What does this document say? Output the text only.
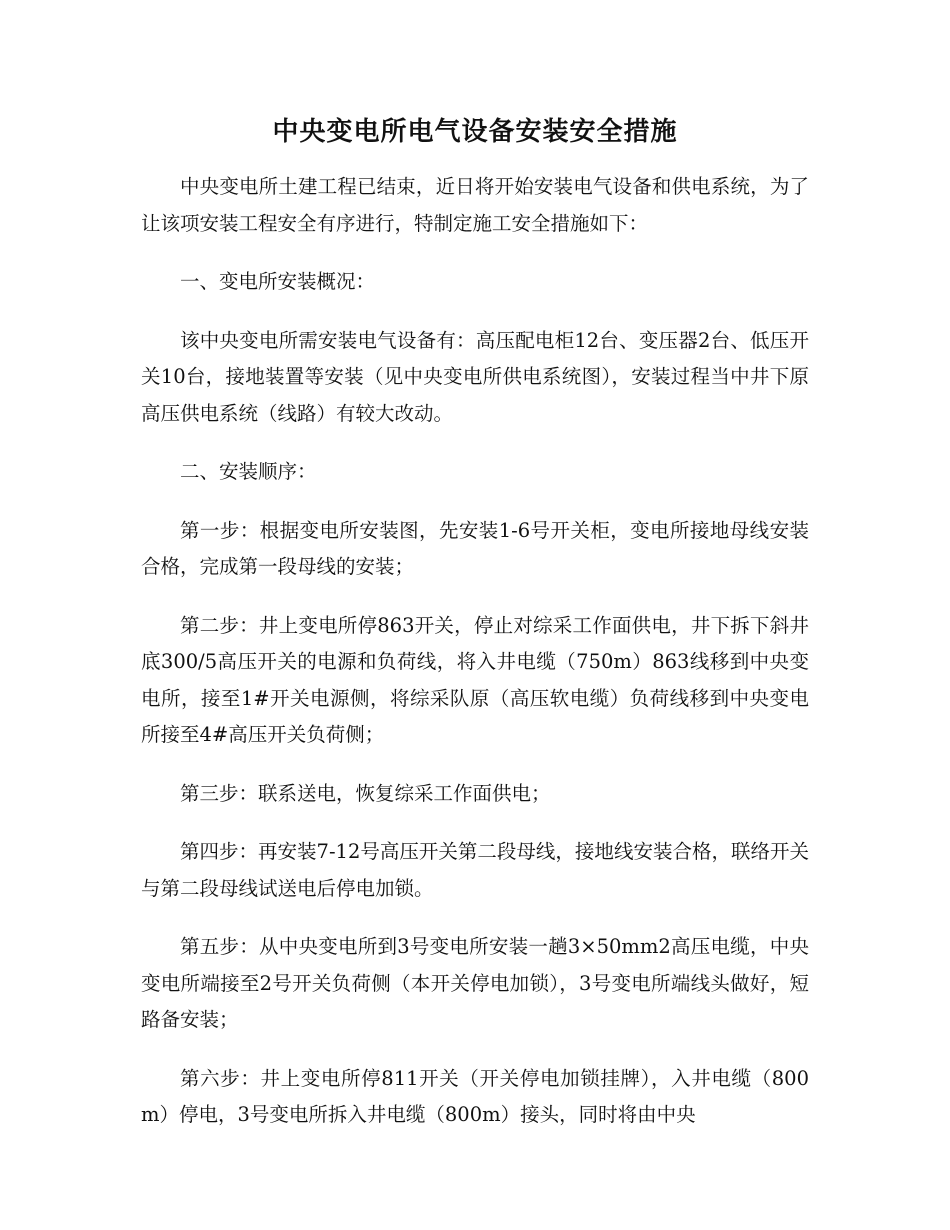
中央变电所电气设备安装安全措施

中央变电所土建工程已结束，近日将开始安装电气设备和供电系统，为了让该项安装工程安全有序进行，特制定施工安全措施如下：

一、变电所安装概况：

该中央变电所需安装电气设备有：高压配电柜12台、变压器2台、低压开关10台，接地装置等安装（见中央变电所供电系统图），安装过程当中井下原高压供电系统（线路）有较大改动。

二、安装顺序：

第一步：根据变电所安装图，先安装1-6号开关柜，变电所接地母线安装合格，完成第一段母线的安装；

第二步：井上变电所停863开关，停止对综采工作面供电，井下拆下斜井底300/5高压开关的电源和负荷线，将入井电缆（750m）863线移到中央变电所，接至1#开关电源侧，将综采队原（高压软电缆）负荷线移到中央变电所接至4#高压开关负荷侧；

第三步：联系送电，恢复综采工作面供电；

第四步：再安装7-12号高压开关第二段母线，接地线安装合格，联络开关与第二段母线试送电后停电加锁。

第五步：从中央变电所到3号变电所安装一趟3×50mm2高压电缆，中央变电所端接至2号开关负荷侧（本开关停电加锁），3号变电所端线头做好，短路备安装；

第六步：井上变电所停811开关（开关停电加锁挂牌），入井电缆（800m）停电，3号变电所拆入井电缆（800m）接头，同时将由中央
